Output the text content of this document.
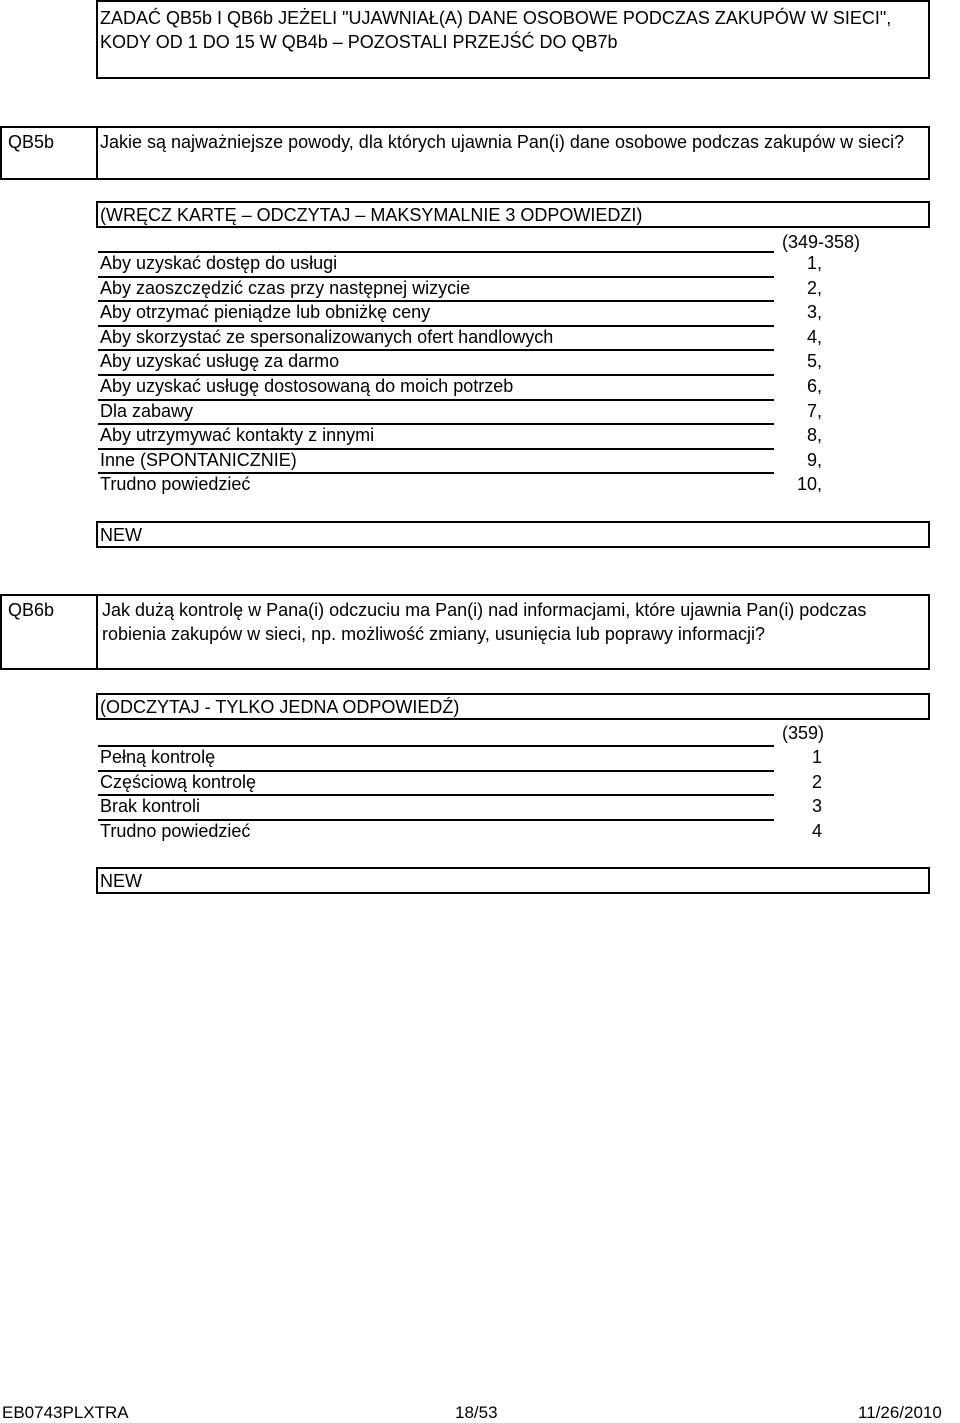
ZADAĆ QB5b I QB6b JEŻELI "UJAWNIAŁ(A) DANE OSOBOWE PODCZAS ZAKUPÓW W SIECI", KODY OD 1 DO 15 W QB4b – POZOSTALI PRZEJŚĆ DO QB7b
QB5b	Jakie są najważniejsze powody, dla których ujawnia Pan(i) dane osobowe podczas zakupów w sieci?
(WRĘCZ KARTĘ – ODCZYTAJ – MAKSYMALNIE 3 ODPOWIEDZI)
(349-358)
Aby uzyskać dostęp do usługi	1,
Aby zaoszczędzić czas przy następnej wizycie	2,
Aby otrzymać pieniądze lub obniżkę ceny	3,
Aby skorzystać ze spersonalizowanych ofert handlowych	4,
Aby uzyskać usługę za darmo	5,
Aby uzyskać usługę dostosowaną do moich potrzeb	6,
Dla zabawy	7,
Aby utrzymywać kontakty z innymi	8,
Inne (SPONTANICZNIE)	9,
Trudno powiedzieć	10,
NEW
QB6b	Jak dużą kontrolę w Pana(i) odczuciu ma Pan(i) nad informacjami, które ujawnia Pan(i) podczas robienia zakupów w sieci, np. możliwość zmiany, usunięcia lub poprawy informacji?
(ODCZYTAJ - TYLKO JEDNA ODPOWIEDŹ)
(359)
Pełną kontrolę	1
Częściową kontrolę	2
Brak kontroli	3
Trudno powiedzieć	4
NEW
EB0743PLXTRA	18/53	11/26/2010
